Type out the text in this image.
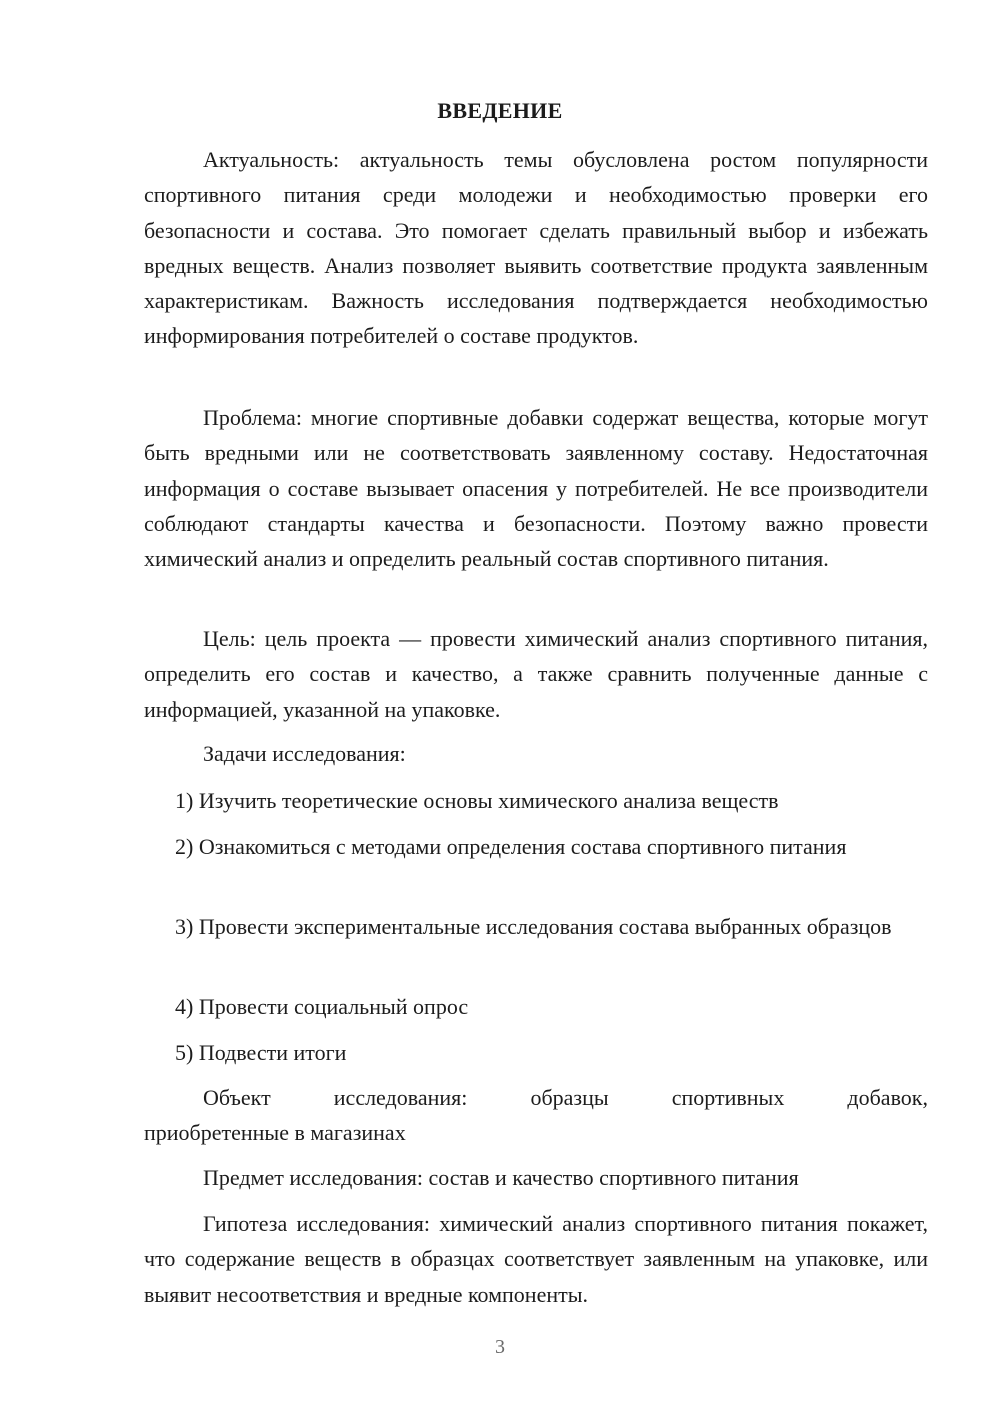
ВВЕДЕНИЕ

Актуальность: актуальность темы обусловлена ростом популярности спортивного питания среди молодежи и необходимостью проверки его безопасности и состава. Это помогает сделать правильный выбор и избежать вредных веществ. Анализ позволяет выявить соответствие продукта заявленным характеристикам. Важность исследования подтверждается необходимостью информирования потребителей о составе продуктов.

Проблема: многие спортивные добавки содержат вещества, которые могут быть вредными или не соответствовать заявленному составу. Недостаточная информация о составе вызывает опасения у потребителей. Не все производители соблюдают стандарты качества и безопасности. Поэтому важно провести химический анализ и определить реальный состав спортивного питания.

Цель: цель проекта — провести химический анализ спортивного питания, определить его состав и качество, а также сравнить полученные данные с информацией, указанной на упаковке.

Задачи исследования:

1) Изучить теоретические основы химического анализа веществ

2) Ознакомиться с методами определения состава спортивного питания

3) Провести экспериментальные исследования состава выбранных образцов

4) Провести социальный опрос

5) Подвести итоги

Объект исследования: образцы спортивных добавок,

приобретенные в магазинах

Предмет исследования: состав и качество спортивного питания

Гипотеза исследования: химический анализ спортивного питания покажет, что содержание веществ в образцах соответствует заявленным на упаковке, или выявит несоответствия и вредные компоненты.

3
